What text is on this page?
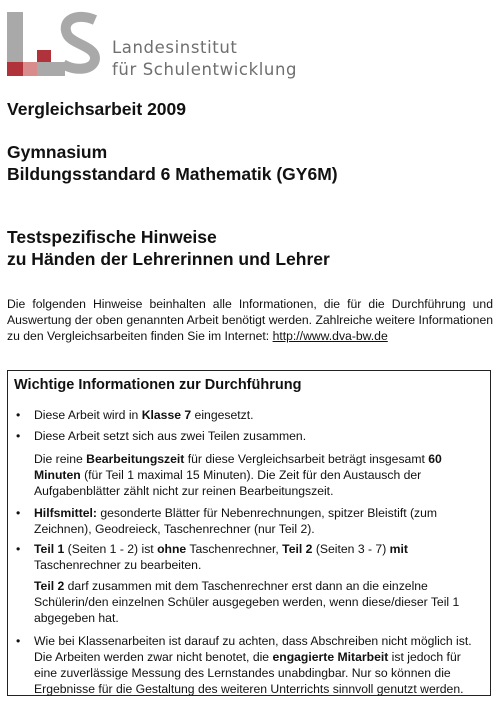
Landesinstitut
für Schulentwicklung
Vergleichsarbeit 2009
Gymnasium
Bildungsstandard 6 Mathematik (GY6M)
Testspezifische Hinweise
zu Händen der Lehrerinnen und Lehrer

Die folgenden Hinweise beinhalten alle Informationen, die für die Durchführung und Auswertung der oben genannten Arbeit benötigt werden. Zahlreiche weitere Informationen zu den Vergleichsarbeiten finden Sie im Internet: http://www.dva-bw.de

Wichtige Informationen zur Durchführung
• Diese Arbeit wird in Klasse 7 eingesetzt.
• Diese Arbeit setzt sich aus zwei Teilen zusammen.
Die reine Bearbeitungszeit für diese Vergleichsarbeit beträgt insgesamt 60 Minuten (für Teil 1 maximal 15 Minuten). Die Zeit für den Austausch der Aufgabenblätter zählt nicht zur reinen Bearbeitungszeit.
• Hilfsmittel: gesonderte Blätter für Nebenrechnungen, spitzer Bleistift (zum Zeichnen), Geodreieck, Taschenrechner (nur Teil 2).
• Teil 1 (Seiten 1 - 2) ist ohne Taschenrechner, Teil 2 (Seiten 3 - 7) mit Taschenrechner zu bearbeiten.
Teil 2 darf zusammen mit dem Taschenrechner erst dann an die einzelne Schülerin/den einzelnen Schüler ausgegeben werden, wenn diese/dieser Teil 1 abgegeben hat.
• Wie bei Klassenarbeiten ist darauf zu achten, dass Abschreiben nicht möglich ist. Die Arbeiten werden zwar nicht benotet, die engagierte Mitarbeit ist jedoch für eine zuverlässige Messung des Lernstandes unabdingbar. Nur so können die Ergebnisse für die Gestaltung des weiteren Unterrichts sinnvoll genutzt werden.
